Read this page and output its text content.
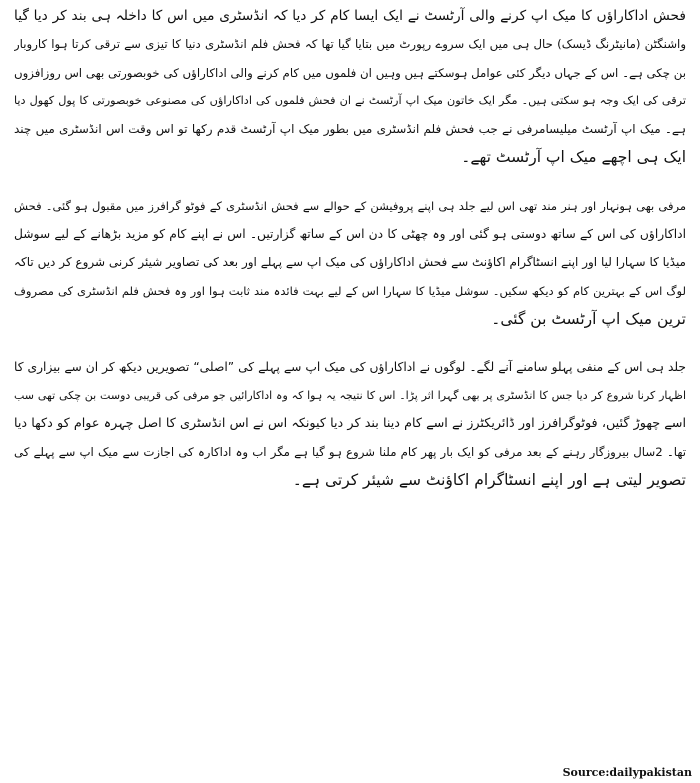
فحش اداکاراؤں کا میک اپ کرنے والی آرٹسٹ نے ایک ایسا کام کر دیا کہ انڈسٹری میں اس کا داخلہ ہی بند کر دیا گیا
واشنگٹن (مانیٹرنگ ڈیسک) حال ہی میں ایک سروے رپورٹ میں بتایا گیا تھا کہ فحش فلم انڈسٹری دنیا کا تیزی سے ترقی کرتا ہوا کاروبار
بن چکی ہے۔ اس کے جہاں دیگر کئی عوامل ہوسکتے ہیں وہیں ان فلموں میں کام کرنے والی اداکاراؤں کی خوبصورتی بھی اس روزافزوں
ترقی کی ایک وجہ ہو سکتی ہیں۔ مگر ایک خاتون میک اپ آرٹسٹ نے ان فحش فلموں کی اداکاراؤں کی مصنوعی خوبصورتی کا پول کھول دیا
ہے۔ میک اپ آرٹسٹ میلیسامرفی نے جب فحش فلم انڈسٹری میں بطور میک اپ آرٹسٹ قدم رکھا تو اس وقت اس انڈسٹری میں چند
ایک ہی اچھے میک اپ آرٹسٹ تھے۔
مرفی بھی ہونہار اور ہنر مند تھی اس لیے جلد ہی اپنے پروفیشن کے حوالے سے فحش انڈسٹری کے فوٹو گرافرز میں مقبول ہو گئی۔ فحش
اداکاراؤں کی اس کے ساتھ دوستی ہو گئی اور وہ چھٹی کا دن اس کے ساتھ گزارتیں۔ اس نے اپنے کام کو مزید بڑھانے کے لیے سوشل
میڈیا کا سہارا لیا اور اپنے انسٹاگرام اکاؤنٹ سے فحش اداکاراؤں کی میک اپ سے پہلے اور بعد کی تصاویر شیئر کرنی شروع کر دیں تاکہ
لوگ اس کے بہترین کام کو دیکھ سکیں۔ سوشل میڈیا کا سہارا اس کے لیے بہت فائدہ مند ثابت ہوا اور وہ فحش فلم انڈسٹری کی مصروف
ترین میک اپ آرٹسٹ بن گئی۔
جلد ہی اس کے منفی پہلو سامنے آنے لگے۔ لوگوں نے اداکاراؤں کی میک اپ سے پہلے کی ”اصلی“ تصویریں دیکھ کر ان سے بیزاری کا
اظہار کرنا شروع کر دیا جس کا انڈسٹری پر بھی گہرا اثر پڑا۔ اس کا نتیجہ یہ ہوا کہ وہ اداکارائیں جو مرفی کی قریبی دوست بن چکی تھی سب
اسے چھوڑ گئیں، فوٹوگرافرز اور ڈائریکٹرز نے اسے کام دینا بند کر دیا کیونکہ اس نے اس انڈسٹری کا اصل چہرہ عوام کو دکھا دیا
تھا۔ 2سال بیروزگار رہنے کے بعد مرفی کو ایک بار پھر کام ملنا شروع ہو گیا ہے مگر اب وہ اداکارہ کی اجازت سے میک اپ سے پہلے کی
تصویر لیتی ہے اور اپنے انسٹاگرام اکاؤنٹ سے شیئر کرتی ہے۔
Source:dailypakistan
